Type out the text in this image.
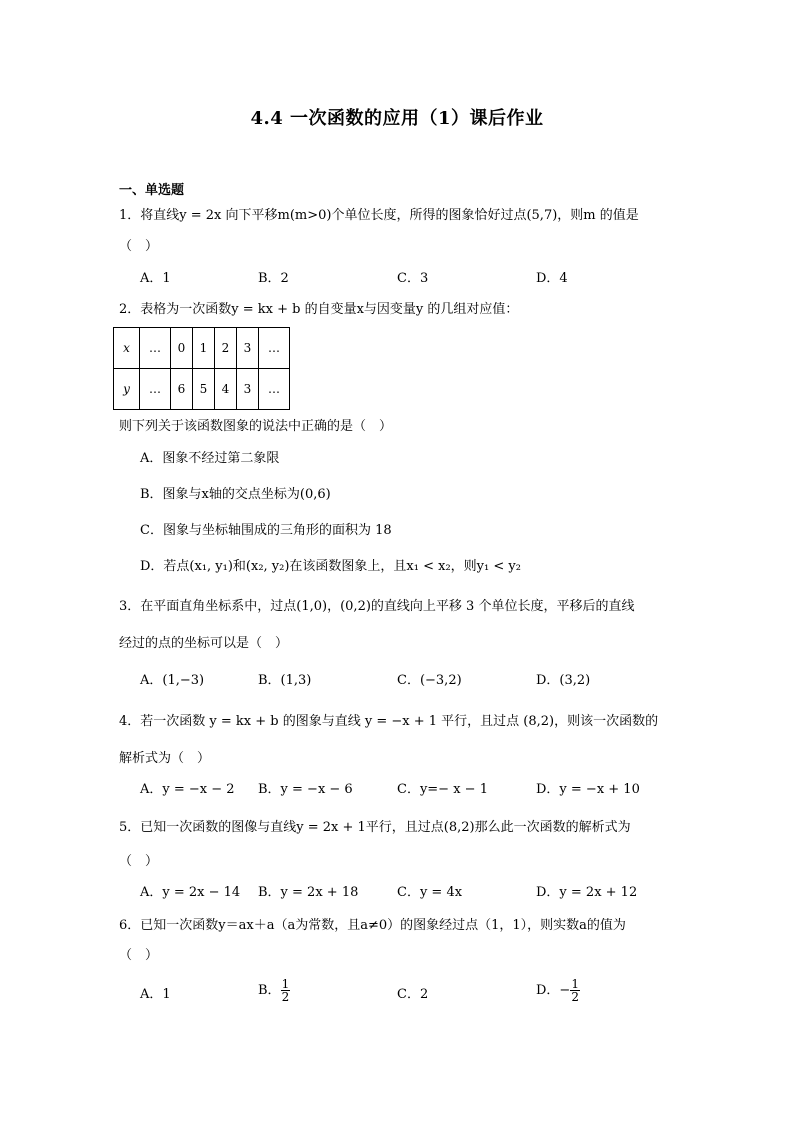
4.4 一次函数的应用（1）课后作业
一、单选题
1．将直线y = 2x 向下平移m(m>0)个单位长度，所得的图象恰好过点(5,7)，则m 的值是
（　）
A．1	B．2	C．3	D．4
2．表格为一次函数y = kx + b 的自变量x与因变量y 的几组对应值：
x	…	0	1	2	3	…
y	…	6	5	4	3	…
则下列关于该函数图象的说法中正确的是（　）
A．图象不经过第二象限
B．图象与x轴的交点坐标为(0,6)
C．图象与坐标轴围成的三角形的面积为 18
D．若点(x₁, y₁)和(x₂, y₂)在该函数图象上，且x₁ < x₂，则y₁ < y₂
3．在平面直角坐标系中，过点(1,0)，(0,2)的直线向上平移 3 个单位长度，平移后的直线
经过的点的坐标可以是（　）
A．(1,−3)	B．(1,3)	C．(−3,2)	D．(3,2)
4．若一次函数 y = kx + b 的图象与直线 y = −x + 1 平行，且过点 (8,2)，则该一次函数的
解析式为（　）
A．y = −x − 2 B．y = −x − 6	C．y=− x − 1	D．y = −x + 10
5．已知一次函数的图像与直线y = 2x + 1平行，且过点(8,2)那么此一次函数的解析式为
（　）
A．y = 2x − 14 B．y = 2x + 18	C．y = 4x	D．y = 2x + 12
6．已知一次函数y＝ax＋a（a为常数，且a≠0）的图象经过点（1，1），则实数a的值为
（　）
A．1	B． $\frac{1}{2}$	C．2	D．− $\frac{1}{2}$
